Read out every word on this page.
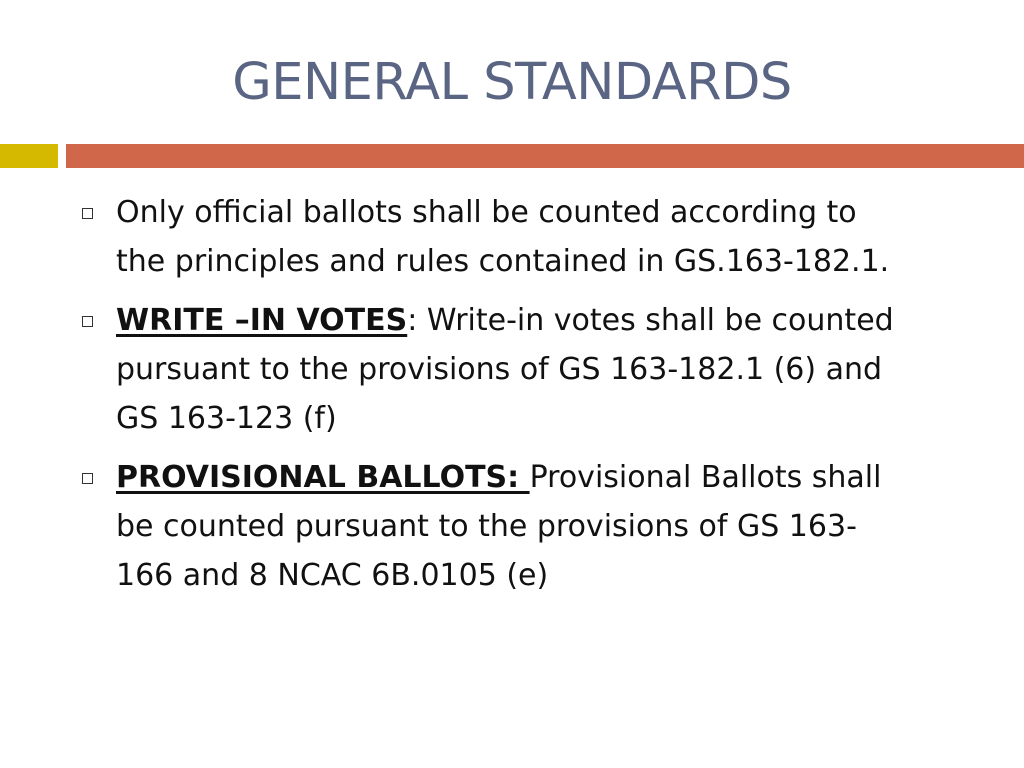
GENERAL STANDARDS
Only official ballots shall be counted according to
the principles and rules contained in GS.163-182.1.
WRITE –IN VOTES: Write-in votes shall be counted
pursuant to the provisions of GS 163-182.1 (6) and
GS 163-123 (f)
PROVISIONAL BALLOTS: Provisional Ballots shall
be counted pursuant to the provisions of GS 163-
166 and 8 NCAC 6B.0105 (e)
